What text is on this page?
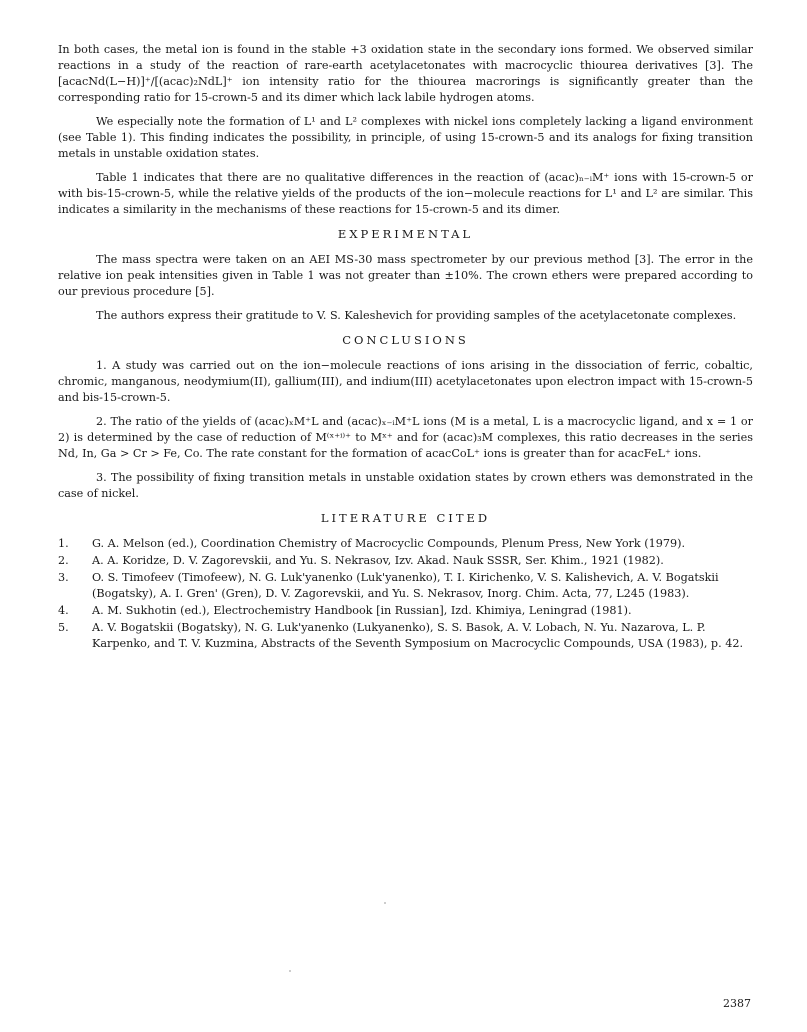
In both cases, the metal ion is found in the stable +3 oxidation state in the secondary ions formed. We observed similar reactions in a study of the reaction of rare-earth acetylacetonates with macrocyclic thiourea derivatives [3]. The [acacNd(L−H)]⁺/[(acac)₂NdL]⁺ ion intensity ratio for the thiourea macrorings is significantly greater than the corresponding ratio for 15-crown-5 and its dimer which lack labile hydrogen atoms.

We especially note the formation of L¹ and L² complexes with nickel ions completely lacking a ligand environment (see Table 1). This finding indicates the possibility, in principle, of using 15-crown-5 and its analogs for fixing transition metals in unstable oxidation states.

Table 1 indicates that there are no qualitative differences in the reaction of (acac)ₙ₋ᵢM⁺ ions with 15-crown-5 or with bis-15-crown-5, while the relative yields of the products of the ion−molecule reactions for L¹ and L² are similar. This indicates a similarity in the mechanisms of these reactions for 15-crown-5 and its dimer.

EXPERIMENTAL

The mass spectra were taken on an AEI MS-30 mass spectrometer by our previous method [3]. The error in the relative ion peak intensities given in Table 1 was not greater than ±10%. The crown ethers were prepared according to our previous procedure [5].

The authors express their gratitude to V. S. Kaleshevich for providing samples of the acetylacetonate complexes.

CONCLUSIONS

1. A study was carried out on the ion−molecule reactions of ions arising in the dissociation of ferric, cobaltic, chromic, manganous, neodymium(II), gallium(III), and indium(III) acetylacetonates upon electron impact with 15-crown-5 and bis-15-crown-5.

2. The ratio of the yields of (acac)ₓM⁺L and (acac)ₓ₋ᵢM⁺L ions (M is a metal, L is a macrocyclic ligand, and x = 1 or 2) is determined by the case of reduction of M⁽ˣ⁺ⁱ⁾⁺ to Mˣ⁺ and for (acac)₃M complexes, this ratio decreases in the series Nd, In, Ga > Cr > Fe, Co. The rate constant for the formation of acacCoL⁺ ions is greater than for acacFeL⁺ ions.

3. The possibility of fixing transition metals in unstable oxidation states by crown ethers was demonstrated in the case of nickel.

LITERATURE CITED
1. G. A. Melson (ed.), Coordination Chemistry of Macrocyclic Compounds, Plenum Press, New York (1979).
2. A. A. Koridze, D. V. Zagorevskii, and Yu. S. Nekrasov, Izv. Akad. Nauk SSSR, Ser. Khim., 1921 (1982).
3. O. S. Timofeev (Timofeew), N. G. Luk'yanenko (Luk'yanenko), T. I. Kirichenko, V. S. Kalishevich, A. V. Bogatskii (Bogatsky), A. I. Gren' (Gren), D. V. Zagorevskii, and Yu. S. Nekrasov, Inorg. Chim. Acta, 77, L245 (1983).
4. A. M. Sukhotin (ed.), Electrochemistry Handbook [in Russian], Izd. Khimiya, Leningrad (1981).
5. A. V. Bogatskii (Bogatsky), N. G. Luk'yanenko (Lukyanenko), S. S. Basok, A. V. Lobach, N. Yu. Nazarova, L. P. Karpenko, and T. V. Kuzmina, Abstracts of the Seventh Symposium on Macrocyclic Compounds, USA (1983), p. 42.
2387
